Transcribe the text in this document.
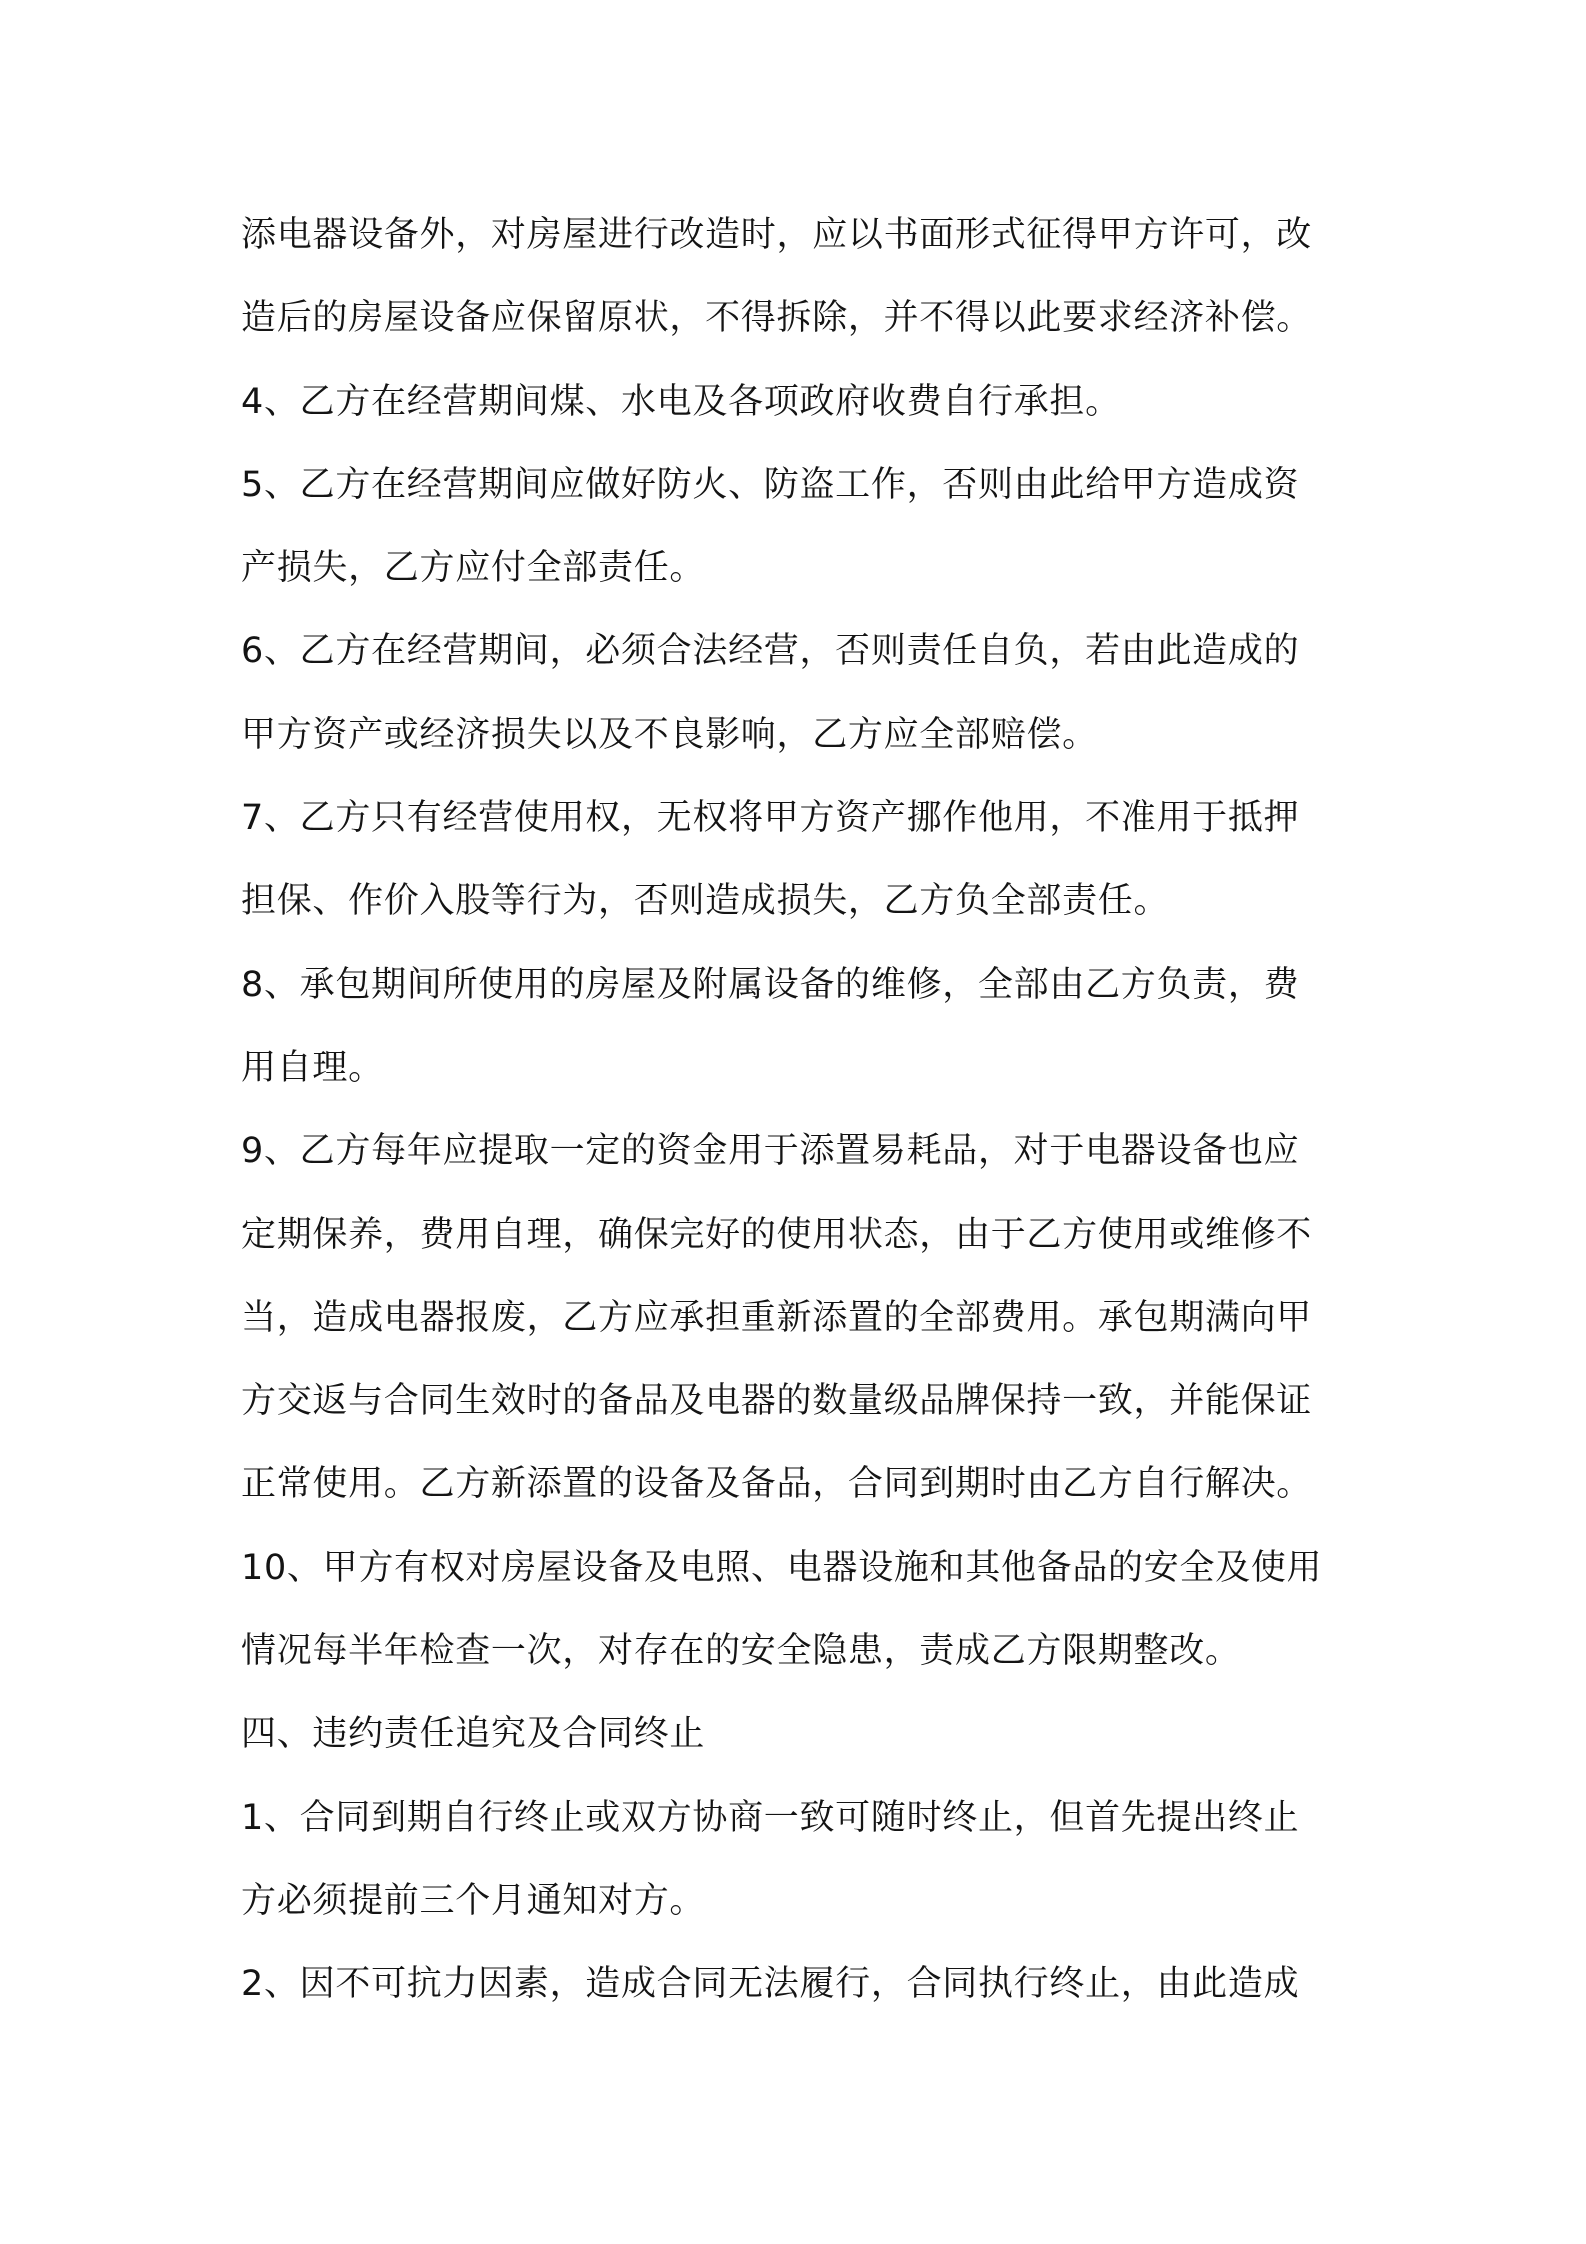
添电器设备外，对房屋进行改造时，应以书面形式征得甲方许可，改

造后的房屋设备应保留原状，不得拆除，并不得以此要求经济补偿。

4、乙方在经营期间煤、水电及各项政府收费自行承担。

5、乙方在经营期间应做好防火、防盗工作，否则由此给甲方造成资

产损失，乙方应付全部责任。

6、乙方在经营期间，必须合法经营，否则责任自负，若由此造成的

甲方资产或经济损失以及不良影响，乙方应全部赔偿。

7、乙方只有经营使用权，无权将甲方资产挪作他用，不准用于抵押

担保、作价入股等行为，否则造成损失，乙方负全部责任。

8、承包期间所使用的房屋及附属设备的维修，全部由乙方负责，费

用自理。

9、乙方每年应提取一定的资金用于添置易耗品，对于电器设备也应

定期保养，费用自理，确保完好的使用状态，由于乙方使用或维修不

当，造成电器报废，乙方应承担重新添置的全部费用。承包期满向甲

方交返与合同生效时的备品及电器的数量级品牌保持一致，并能保证

正常使用。乙方新添置的设备及备品，合同到期时由乙方自行解决。

10、甲方有权对房屋设备及电照、电器设施和其他备品的安全及使用

情况每半年检查一次，对存在的安全隐患，责成乙方限期整改。

四、违约责任追究及合同终止

1、合同到期自行终止或双方协商一致可随时终止，但首先提出终止

方必须提前三个月通知对方。

2、因不可抗力因素，造成合同无法履行，合同执行终止，由此造成
